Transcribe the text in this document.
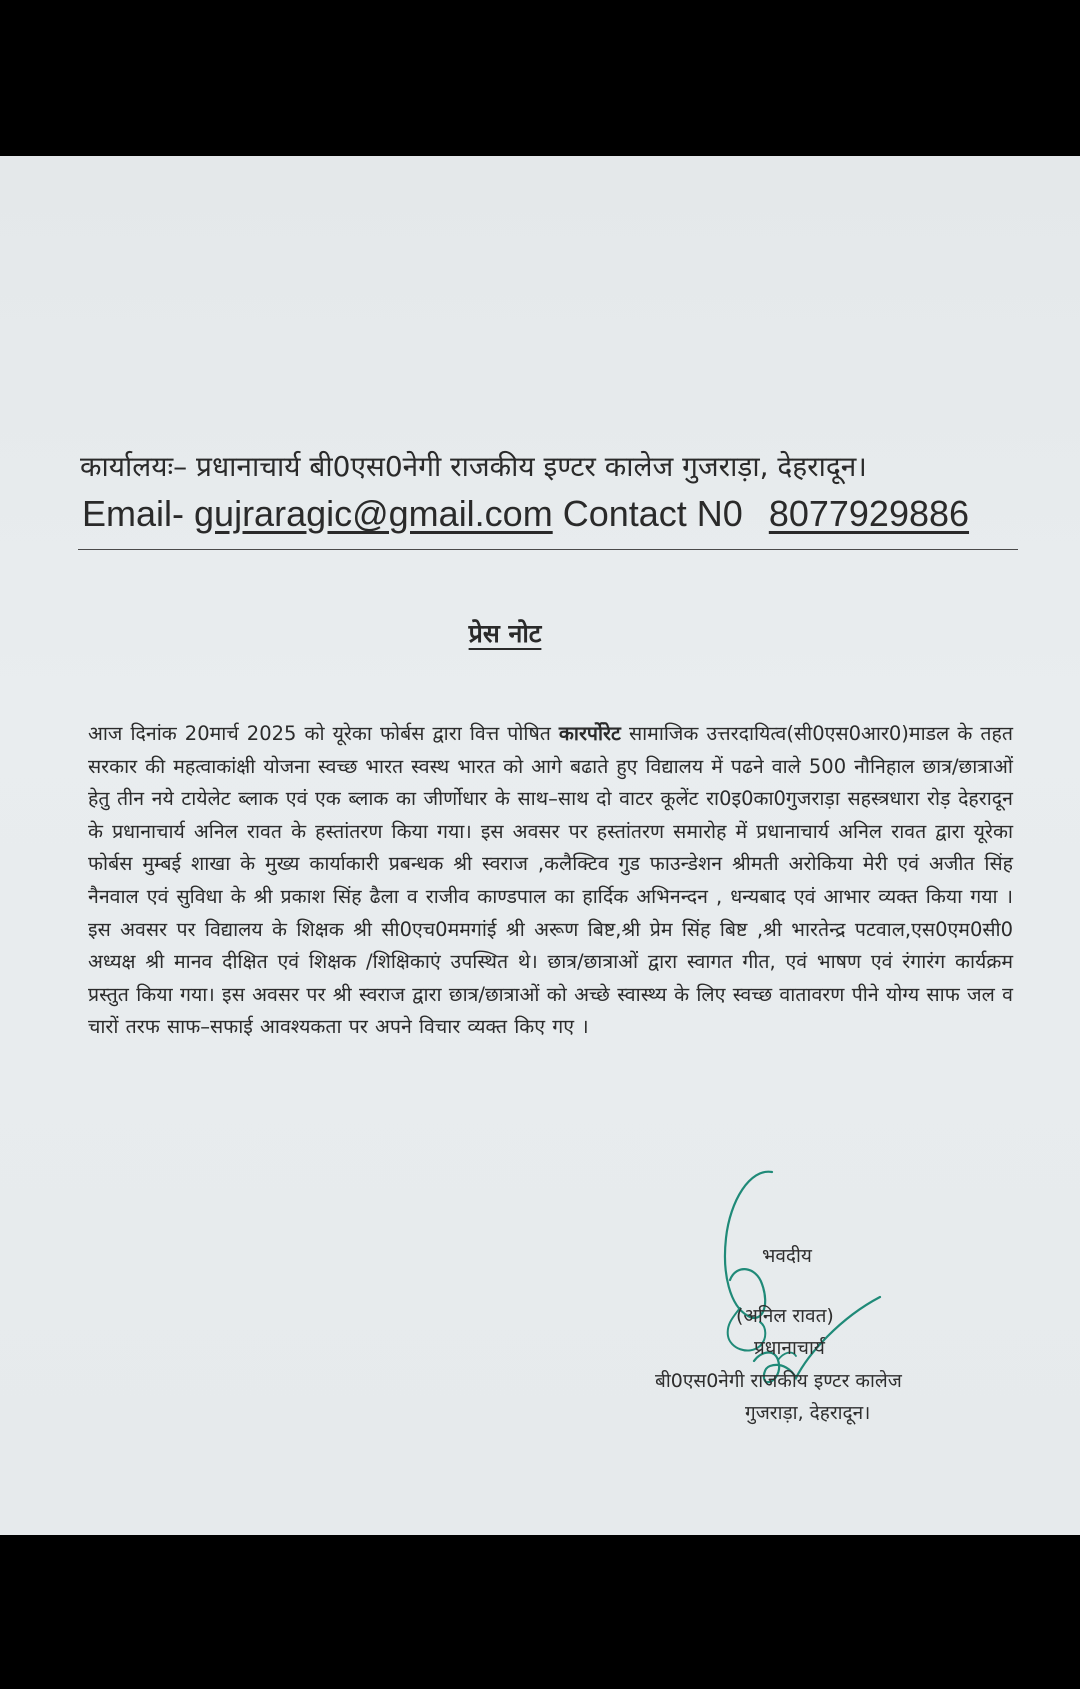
कार्यालयः– प्रधानाचार्य बी0एस0नेगी राजकीय इण्टर कालेज गुजराड़ा, देहरादून।
Email- gujraragic@gmail.com Contact N0 8077929886
प्रेस नोट
आज दिनांक 20मार्च 2025 को यूरेका फोर्बस द्वारा वित्त पोषित कारर्पोरेट सामाजिक उत्तरदायित्व(सी0एस0आर0)माडल के तहत सरकार की महत्वाकांक्षी योजना स्वच्छ भारत स्वस्थ भारत को आगे बढाते हुए विद्यालय में पढने वाले 500 नौनिहाल छात्र/छात्राओं हेतु तीन नये टायेलेट ब्लाक एवं एक ब्लाक का जीर्णोधार के साथ–साथ दो वाटर कूलेंट रा0इ0का0गुजराड़ा सहस्त्रधारा रोड़ देहरादून के प्रधानाचार्य अनिल रावत के हस्तांतरण किया गया। इस अवसर पर हस्तांतरण समारोह में प्रधानाचार्य अनिल रावत द्वारा यूरेका फोर्बस मुम्बई शाखा के मुख्य कार्याकारी प्रबन्धक श्री स्वराज ,कलैक्टिव गुड फाउन्डेशन श्रीमती अरोकिया मेरी एवं अजीत सिंह नैनवाल एवं सुविधा के श्री प्रकाश सिंह ढैला व राजीव काण्डपाल का हार्दिक अभिनन्दन , धन्यबाद एवं आभार व्यक्त किया गया । इस अवसर पर विद्यालय के शिक्षक श्री सी0एच0ममगांई श्री अरूण बिष्ट,श्री प्रेम सिंह बिष्ट ,श्री भारतेन्द्र पटवाल,एस0एम0सी0 अध्यक्ष श्री मानव दीक्षित एवं शिक्षक /शिक्षिकाएं उपस्थित थे। छात्र/छात्राओं द्वारा स्वागत गीत, एवं भाषण एवं रंगारंग कार्यक्रम प्रस्तुत किया गया। इस अवसर पर श्री स्वराज द्वारा छात्र/छात्राओं को अच्छे स्वास्थ्य के लिए स्वच्छ वातावरण पीने योग्य साफ जल व चारों तरफ साफ–सफाई आवश्यकता पर अपने विचार व्यक्त किए गए ।
भवदीय
(अनिल रावत)
प्रधानाचार्य
बी0एस0नेगी राजकीय इण्टर कालेज
गुजराड़ा, देहरादून।
